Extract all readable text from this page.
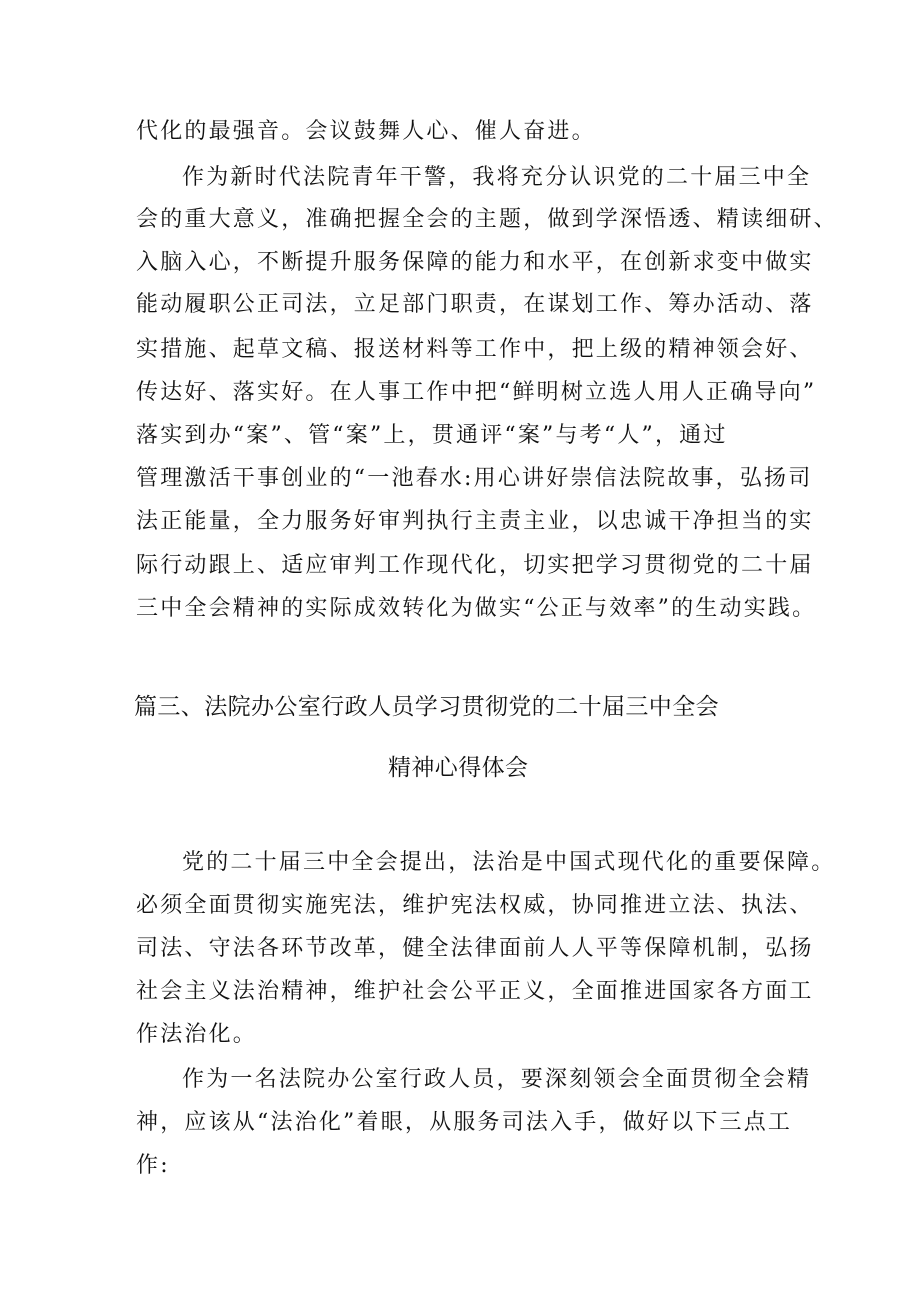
代化的最强音。会议鼓舞人心、催人奋进。
作为新时代法院青年干警，我将充分认识党的二十届三中全
会的重大意义，准确把握全会的主题，做到学深悟透、精读细研、
入脑入心，不断提升服务保障的能力和水平，在创新求变中做实
能动履职公正司法，立足部门职责，在谋划工作、筹办活动、落
实措施、起草文稿、报送材料等工作中，把上级的精神领会好、
传达好、落实好。在人事工作中把“鲜明树立选人用人正确导向”
落实到办“案”、管“案”上，贯通评“案”与考“人”，通过
管理激活干事创业的“一池春水:用心讲好崇信法院故事，弘扬司
法正能量，全力服务好审判执行主责主业，以忠诚干净担当的实
际行动跟上、适应审判工作现代化，切实把学习贯彻党的二十届
三中全会精神的实际成效转化为做实“公正与效率”的生动实践。
篇三、法院办公室行政人员学习贯彻党的二十届三中全会
精神心得体会
党的二十届三中全会提出，法治是中国式现代化的重要保障。
必须全面贯彻实施宪法，维护宪法权威，协同推进立法、执法、
司法、守法各环节改革，健全法律面前人人平等保障机制，弘扬
社会主义法治精神，维护社会公平正义，全面推进国家各方面工
作法治化。
作为一名法院办公室行政人员，要深刻领会全面贯彻全会精
神，应该从“法治化”着眼，从服务司法入手，做好以下三点工
作:
